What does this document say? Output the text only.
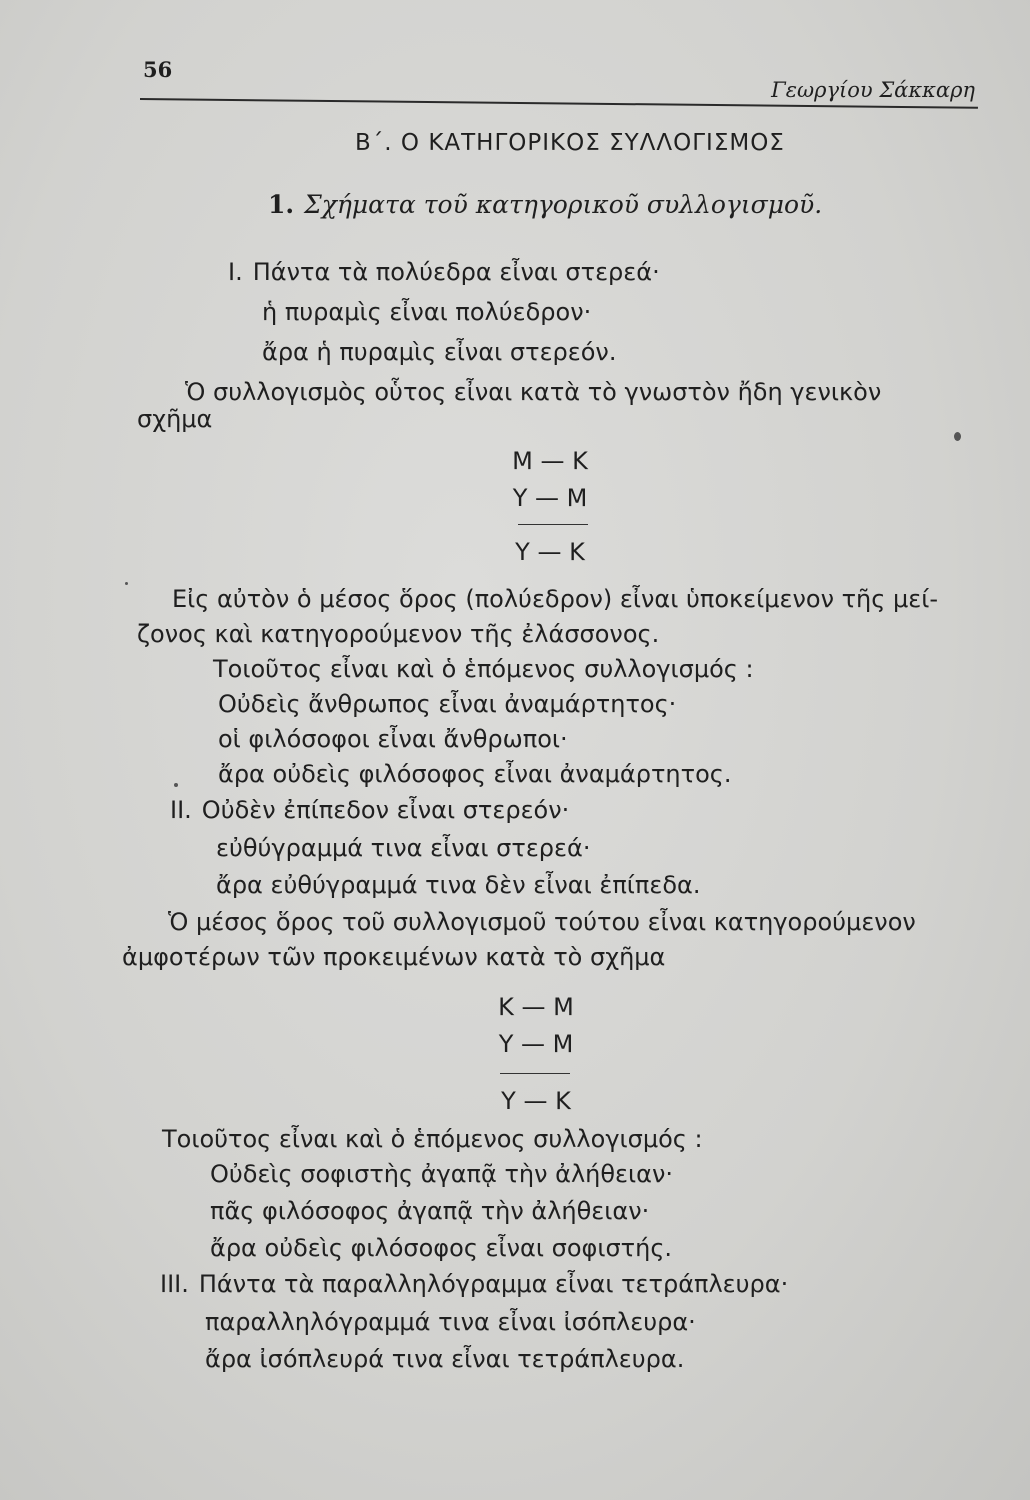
56
Γεωργίου Σάκκαρη
Β΄. Ο ΚΑΤΗΓΟΡΙΚΟΣ ΣΥΛΛΟΓΙΣΜΟΣ
1. Σχήματα τοῦ κατηγορικοῦ συλλογισμοῦ.
Ι. Πάντα τὰ πολύεδρα εἶναι στερεά·
ἡ πυραμὶς εἶναι πολύεδρον·
ἄρα ἡ πυραμὶς εἶναι στερεόν.
Ὁ συλλογισμὸς οὗτος εἶναι κατὰ τὸ γνωστὸν ἤδη γενικὸν
σχῆμα
Μ — Κ
Υ — Μ
Υ — Κ
Εἰς αὐτὸν ὁ μέσος ὅρος (πολύεδρον) εἶναι ὑποκείμενον τῆς μεί-
ζονος καὶ κατηγορούμενον τῆς ἐλάσσονος.
Τοιοῦτος εἶναι καὶ ὁ ἑπόμενος συλλογισμός :
Οὐδεὶς ἄνθρωπος εἶναι ἀναμάρτητος·
οἱ φιλόσοφοι εἶναι ἄνθρωποι·
ἄρα οὐδεὶς φιλόσοφος εἶναι ἀναμάρτητος.
ΙΙ. Οὐδὲν ἐπίπεδον εἶναι στερεόν·
εὐθύγραμμά τινα εἶναι στερεά·
ἄρα εὐθύγραμμά τινα δὲν εἶναι ἐπίπεδα.
Ὁ μέσος ὅρος τοῦ συλλογισμοῦ τούτου εἶναι κατηγορούμενον
ἀμφοτέρων τῶν προκειμένων κατὰ τὸ σχῆμα
Κ — Μ
Υ — Μ
Υ — Κ
Τοιοῦτος εἶναι καὶ ὁ ἑπόμενος συλλογισμός :
Οὐδεὶς σοφιστὴς ἀγαπᾷ τὴν ἀλήθειαν·
πᾶς φιλόσοφος ἀγαπᾷ τὴν ἀλήθειαν·
ἄρα οὐδεὶς φιλόσοφος εἶναι σοφιστής.
ΙΙΙ. Πάντα τὰ παραλληλόγραμμα εἶναι τετράπλευρα·
παραλληλόγραμμά τινα εἶναι ἰσόπλευρα·
ἄρα ἰσόπλευρά τινα εἶναι τετράπλευρα.
